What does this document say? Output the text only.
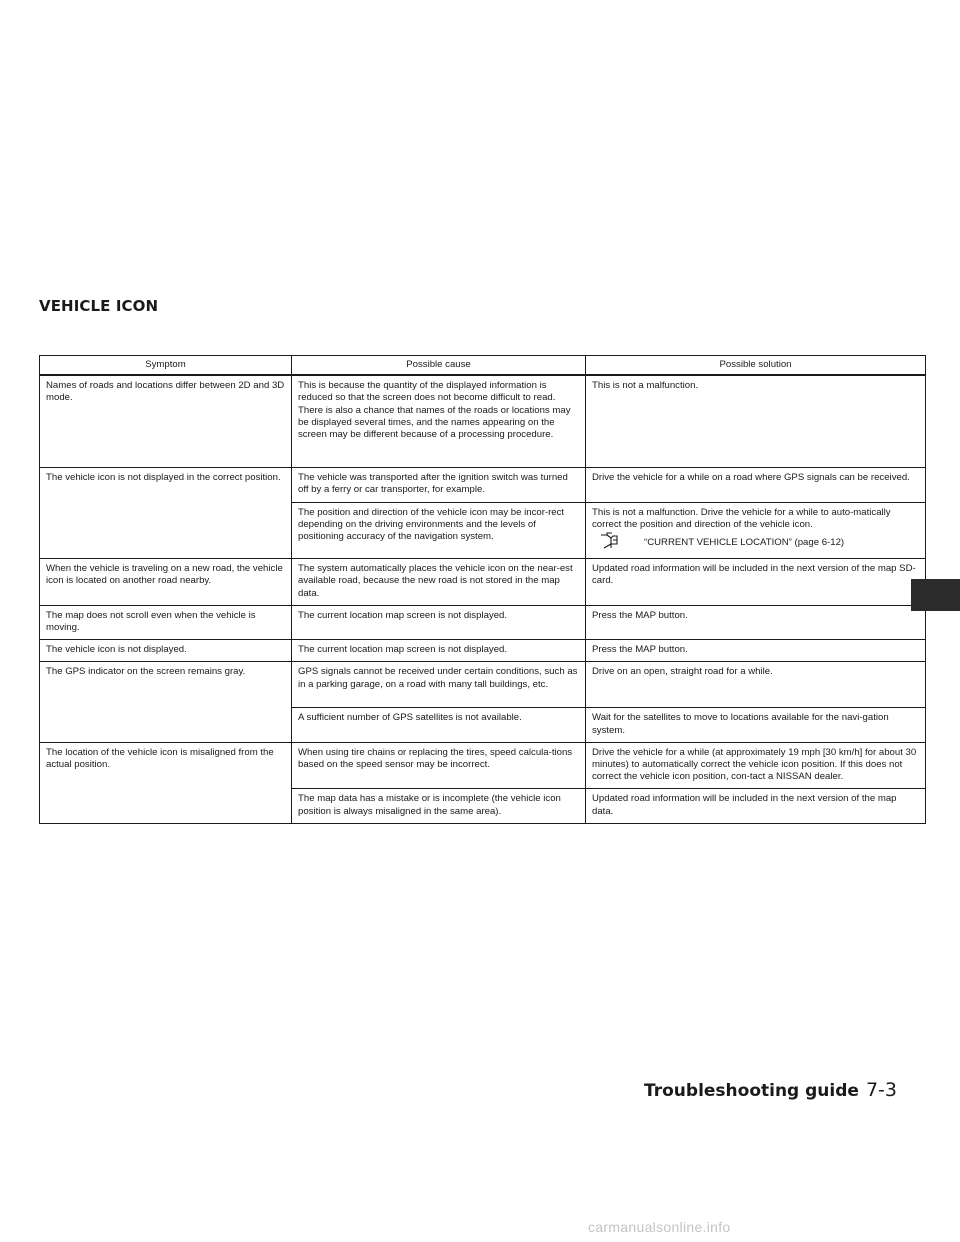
VEHICLE ICON
Symptom	Possible cause	Possible solution
Names of roads and locations differ between 2D and 3D mode.	This is because the quantity of the displayed information is reduced so that the screen does not become difficult to read. There is also a chance that names of the roads or locations may be displayed several times, and the names appearing on the screen may be different because of a processing procedure.	This is not a malfunction.
The vehicle icon is not displayed in the correct position.	The vehicle was transported after the ignition switch was turned off by a ferry or car transporter, for example.	Drive the vehicle for a while on a road where GPS signals can be received.
	The position and direction of the vehicle icon may be incor-rect depending on the driving environments and the levels of positioning accuracy of the navigation system.	This is not a malfunction. Drive the vehicle for a while to auto-matically correct the position and direction of the vehicle icon.
“CURRENT VEHICLE LOCATION” (page 6-12)

When the vehicle is traveling on a new road, the vehicle icon is located on another road nearby.	The system automatically places the vehicle icon on the near-est available road, because the new road is not stored in the map data.	Updated road information will be included in the next version of the map SD-card.
The map does not scroll even when the vehicle is moving.	The current location map screen is not displayed.	Press the MAP button.
The vehicle icon is not displayed.	The current location map screen is not displayed.	Press the MAP button.
The GPS indicator on the screen remains gray.	GPS signals cannot be received under certain conditions, such as in a parking garage, on a road with many tall buildings, etc.	Drive on an open, straight road for a while.
	A sufficient number of GPS satellites is not available.	Wait for the satellites to move to locations available for the navi-gation system.
The location of the vehicle icon is misaligned from the actual position.	When using tire chains or replacing the tires, speed calcula-tions based on the speed sensor may be incorrect.	Drive the vehicle for a while (at approximately 19 mph [30 km/h] for about 30 minutes) to automatically correct the vehicle icon position. If this does not correct the vehicle icon position, con-tact a NISSAN dealer.
	The map data has a mistake or is incomplete (the vehicle icon position is always misaligned in the same area).	Updated road information will be included in the next version of the map data.
Troubleshooting guide 7-3
carmanualsonline.info
